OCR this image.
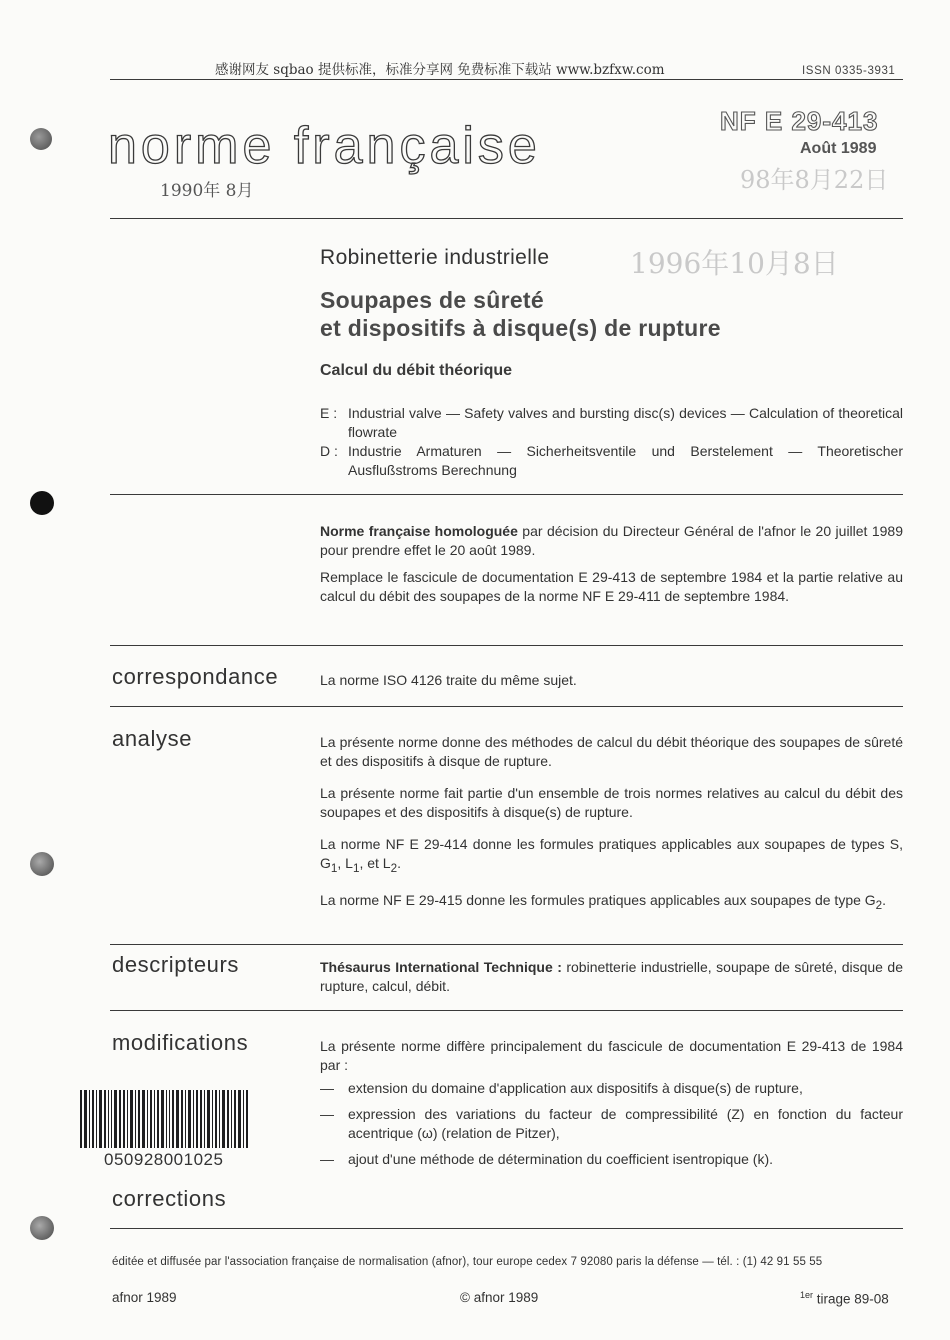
感谢网友 sqbao 提供标准，标准分享网 免费标准下载站 www.bzfxw.com	ISSN 0335-3931
norme française	NF E 29-413
Août 1989
1990年 8月	98年8月22日
Robinetterie industrielle	1996年10月8日
Soupapes de sûreté
et dispositifs à disque(s) de rupture
Calcul du débit théorique
E : Industrial valve — Safety valves and bursting disc(s) devices — Calculation of theoretical flowrate
D : Industrie Armaturen — Sicherheitsventile und Berstelement — Theoretischer Ausflußstroms Berechnung

Norme française homologuée par décision du Directeur Général de l'afnor le 20 juillet 1989 pour prendre effet le 20 août 1989.

Remplace le fascicule de documentation E 29-413 de septembre 1984 et la partie relative au calcul du débit des soupapes de la norme NF E 29-411 de septembre 1984.

correspondance	La norme ISO 4126 traite du même sujet.
analyse	La présente norme donne des méthodes de calcul du débit théorique des soupapes de sûreté et des dispositifs à disque de rupture.

La présente norme fait partie d'un ensemble de trois normes relatives au calcul du débit des soupapes et des dispositifs à disque(s) de rupture.

La norme NF E 29-414 donne les formules pratiques applicables aux soupapes de types S, $G_1$, $L_1$, et $L_2$.

La norme NF E 29-415 donne les formules pratiques applicables aux soupapes de type $G_2$.

descripteurs	Thésaurus International Technique : robinetterie industrielle, soupape de sûreté, disque de rupture, calcul, débit.
modifications	La présente norme diffère principalement du fascicule de documentation E 29-413 de 1984 par :

—	extension du domaine d'application aux dispositifs à disque(s) de rupture,
—	expression des variations du facteur de compressibilité (Z) en fonction du facteur acentrique (ω) (relation de Pitzer),
—	ajout d'une méthode de détermination du coefficient isentropique (k).
050928001025
corrections
éditée et diffusée par l'association française de normalisation (afnor), tour europe cedex 7 92080 paris la défense — tél. : (1) 42 91 55 55
afnor 1989	© afnor 1989	$^{1er}$ tirage 89-08
